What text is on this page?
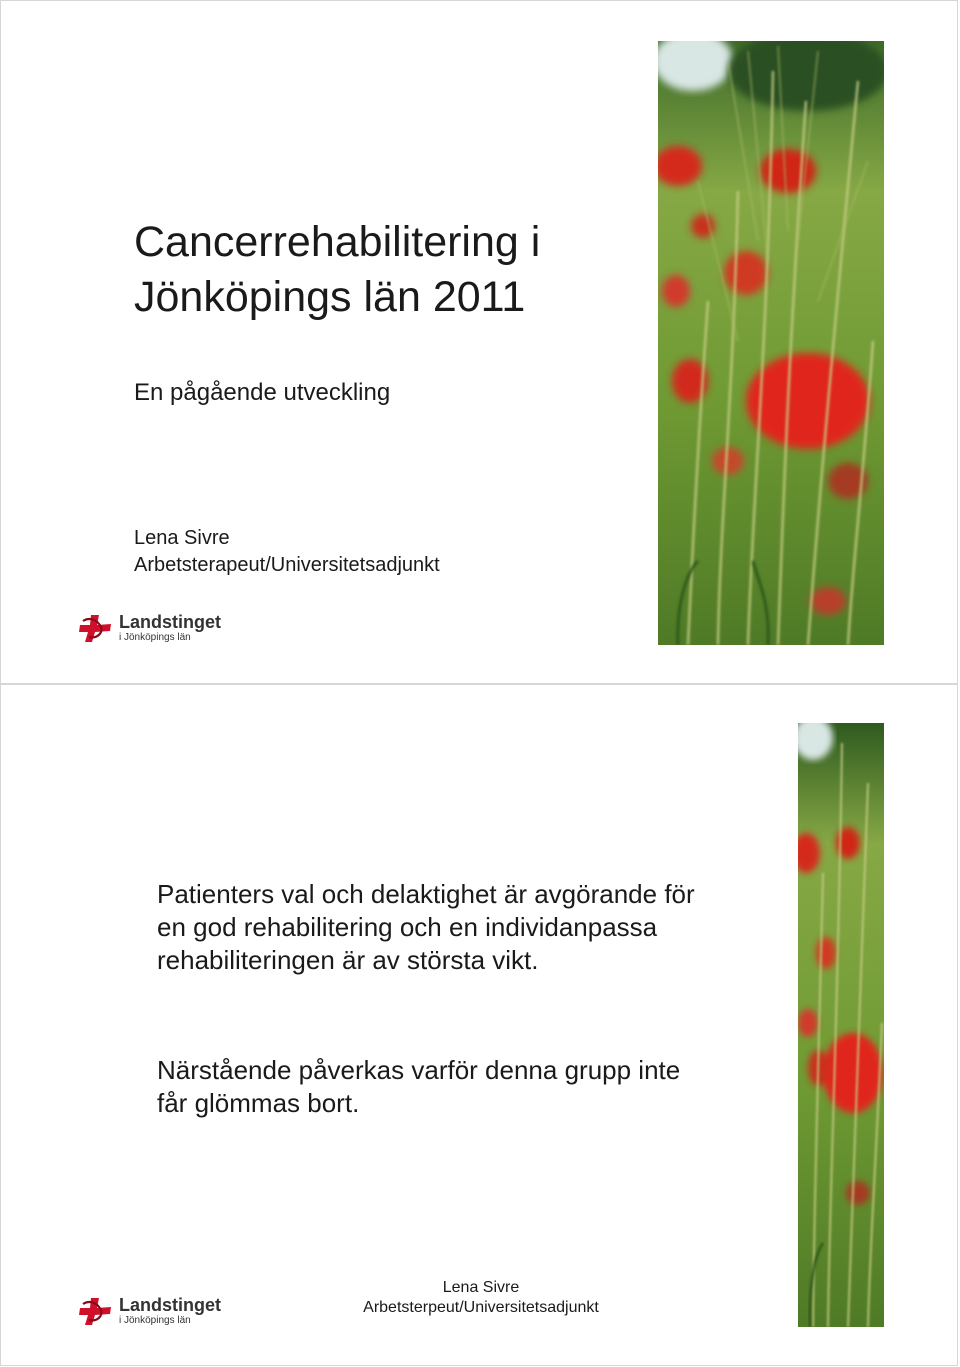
Cancerrehabilitering i Jönköpings län 2011

En pågående utveckling

Lena Sivre
Arbetsterapeut/Universitetsadjunkt
Landstinget
i Jönköpings län

Patienters val och delaktighet är avgörande för en god rehabilitering och en individanpassa rehabiliteringen är av största vikt.

Närstående påverkas varför denna grupp inte får glömmas bort.

Landstinget
i Jönköpings län
Lena Sivre
Arbetsterpeut/Universitetsadjunkt
